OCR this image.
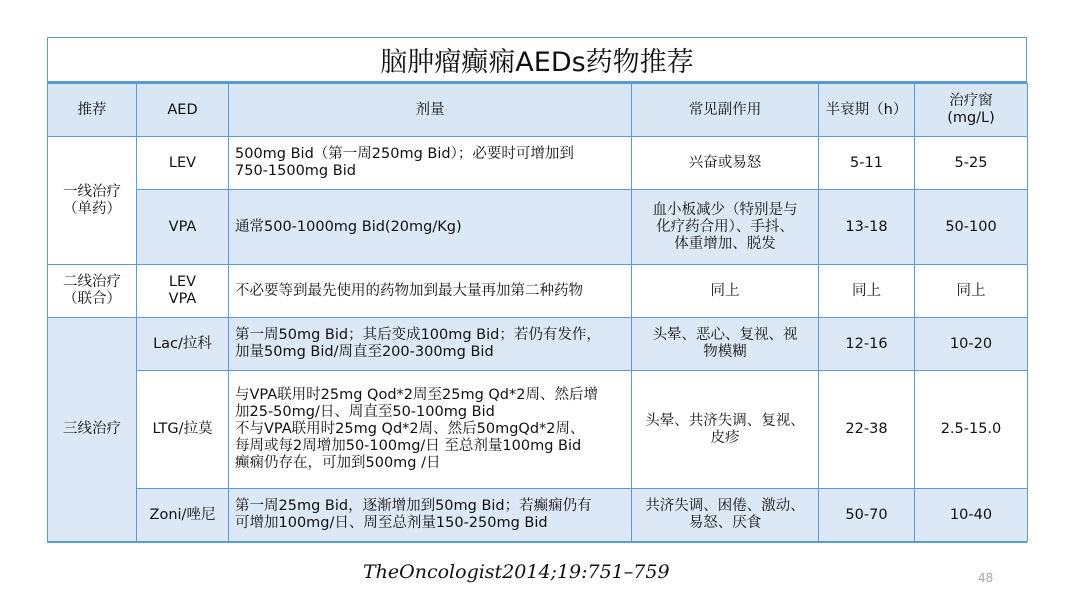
脑肿瘤癫痫AEDs药物推荐
推荐	AED	剂量	常见副作用	半衰期（h）	治疗窗
(mg/L)
一线治疗
（单药）	LEV	500mg Bid（第一周250mg Bid）；必要时可增加到
750-1500mg Bid	兴奋或易怒	5-11	5-25
	VPA	通常500-1000mg Bid(20mg/Kg)	血小板减少（特别是与
化疗药合用）、手抖、
体重增加、脱发	13-18	50-100
二线治疗
（联合）	LEV
VPA	不必要等到最先使用的药物加到最大量再加第二种药物	同上	同上	同上
三线治疗	Lac/拉科	第一周50mg Bid；其后变成100mg Bid；若仍有发作，
加量50mg Bid/周直至200-300mg Bid	头晕、恶心、复视、视
物模糊	12-16	10-20
	LTG/拉莫	与VPA联用时25mg Qod*2周至25mg Qd*2周、然后增
加25-50mg/日、周直至50-100mg Bid
不与VPA联用时25mg Qd*2周、然后50mgQd*2周、
每周或每2周增加50-100mg/日 至总剂量100mg Bid
癫痫仍存在，可加到500mg /日	头晕、共济失调、复视、
皮疹	22-38	2.5-15.0
	Zoni/唑尼	第一周25mg Bid，逐渐增加到50mg Bid；若癫痫仍有
可增加100mg/日、周至总剂量150-250mg Bid	共济失调、困倦、激动、
易怒、厌食	50-70	10-40
TheOncologist2014;19:751–759	48
